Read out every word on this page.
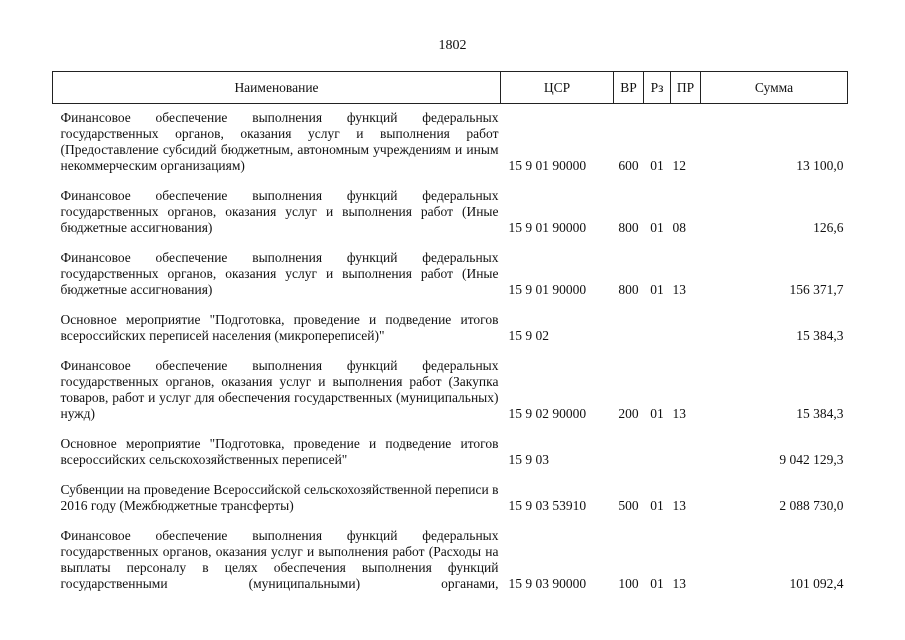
1802
Наименование	ЦСР	ВР	Рз	ПР	Сумма
Финансовое обеспечение выполнения функций федеральных государственных органов, оказания услуг и выполнения работ (Предоставление субсидий бюджетным, автономным учреждениям и иным некоммерческим организациям)	15 9 01 90000	600	01	12	13 100,0
Финансовое обеспечение выполнения функций федеральных государственных органов, оказания услуг и выполнения работ (Иные бюджетные ассигнования)	15 9 01 90000	800	01	08	126,6
Финансовое обеспечение выполнения функций федеральных государственных органов, оказания услуг и выполнения работ (Иные бюджетные ассигнования)	15 9 01 90000	800	01	13	156 371,7
Основное мероприятие "Подготовка, проведение и подведение итогов всероссийских переписей населения (микропереписей)"	15 9 02				15 384,3
Финансовое обеспечение выполнения функций федеральных государственных органов, оказания услуг и выполнения работ (Закупка товаров, работ и услуг для обеспечения государственных (муниципальных) нужд)	15 9 02 90000	200	01	13	15 384,3
Основное мероприятие "Подготовка, проведение и подведение итогов всероссийских сельскохозяйственных переписей"	15 9 03				9 042 129,3
Субвенции на проведение Всероссийской сельскохозяйственной переписи в 2016 году (Межбюджетные трансферты)	15 9 03 53910	500	01	13	2 088 730,0
Финансовое обеспечение выполнения функций федеральных государственных органов, оказания услуг и выполнения работ (Расходы на выплаты персоналу в целях обеспечения выполнения функций государственными (муниципальными) органами,	15 9 03 90000	100	01	13	101 092,4
